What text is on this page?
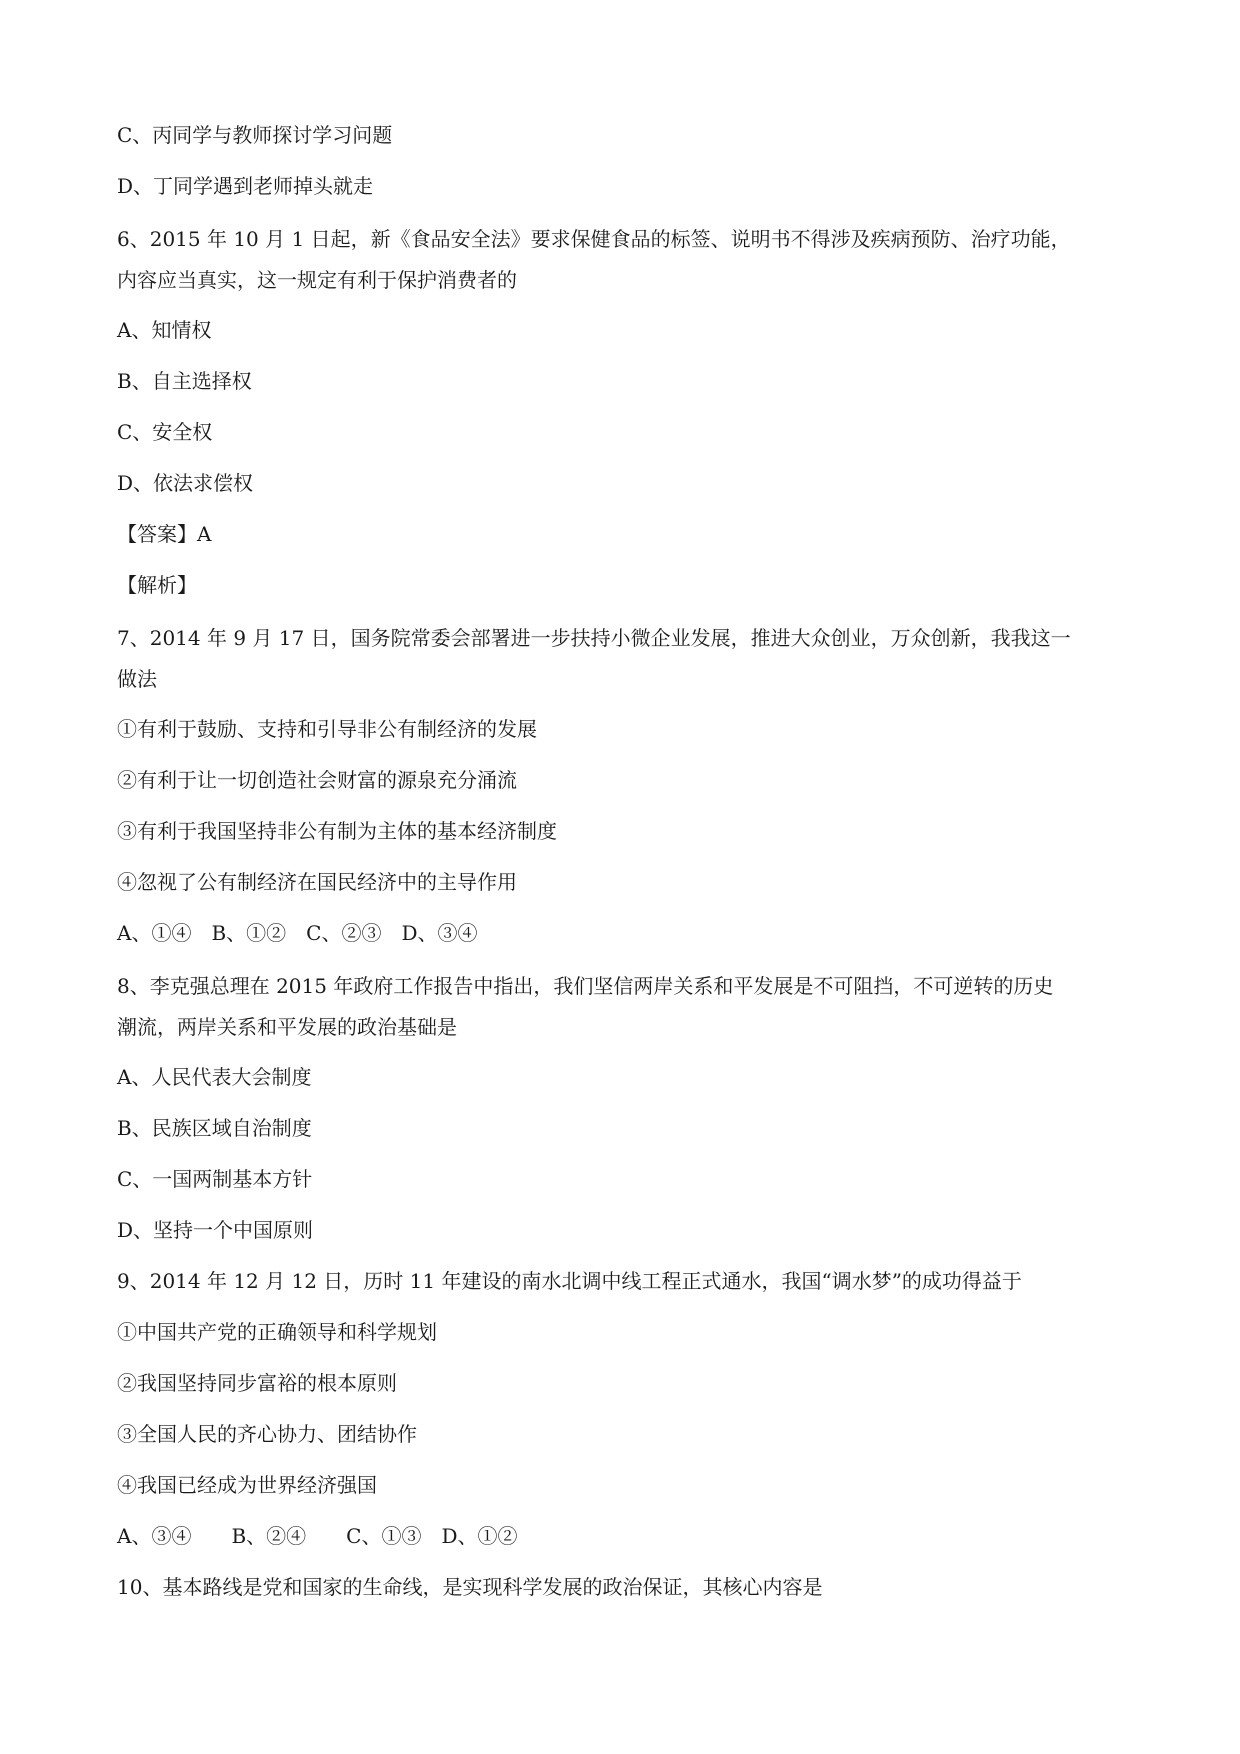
C、丙同学与教师探讨学习问题
D、丁同学遇到老师掉头就走
6、2015 年 10 月 1 日起，新《食品安全法》要求保健食品的标签、说明书不得涉及疾病预防、治疗功能，
内容应当真实，这一规定有利于保护消费者的
A、知情权
B、自主选择权
C、安全权
D、依法求偿权
【答案】A
【解析】
7、2014 年 9 月 17 日，国务院常委会部署进一步扶持小微企业发展，推进大众创业，万众创新，我我这一
做法
①有利于鼓励、支持和引导非公有制经济的发展
②有利于让一切创造社会财富的源泉充分涌流
③有利于我国坚持非公有制为主体的基本经济制度
④忽视了公有制经济在国民经济中的主导作用
A、①④　B、①②　C、②③　D、③④
8、李克强总理在 2015 年政府工作报告中指出，我们坚信两岸关系和平发展是不可阻挡，不可逆转的历史
潮流，两岸关系和平发展的政治基础是
A、人民代表大会制度
B、民族区域自治制度
C、一国两制基本方针
D、坚持一个中国原则
9、2014 年 12 月 12 日，历时 11 年建设的南水北调中线工程正式通水，我国“调水梦”的成功得益于
①中国共产党的正确领导和科学规划
②我国坚持同步富裕的根本原则
③全国人民的齐心协力、团结协作
④我国已经成为世界经济强国
A、③④　　B、②④　　C、①③　D、①②
10、基本路线是党和国家的生命线，是实现科学发展的政治保证，其核心内容是
